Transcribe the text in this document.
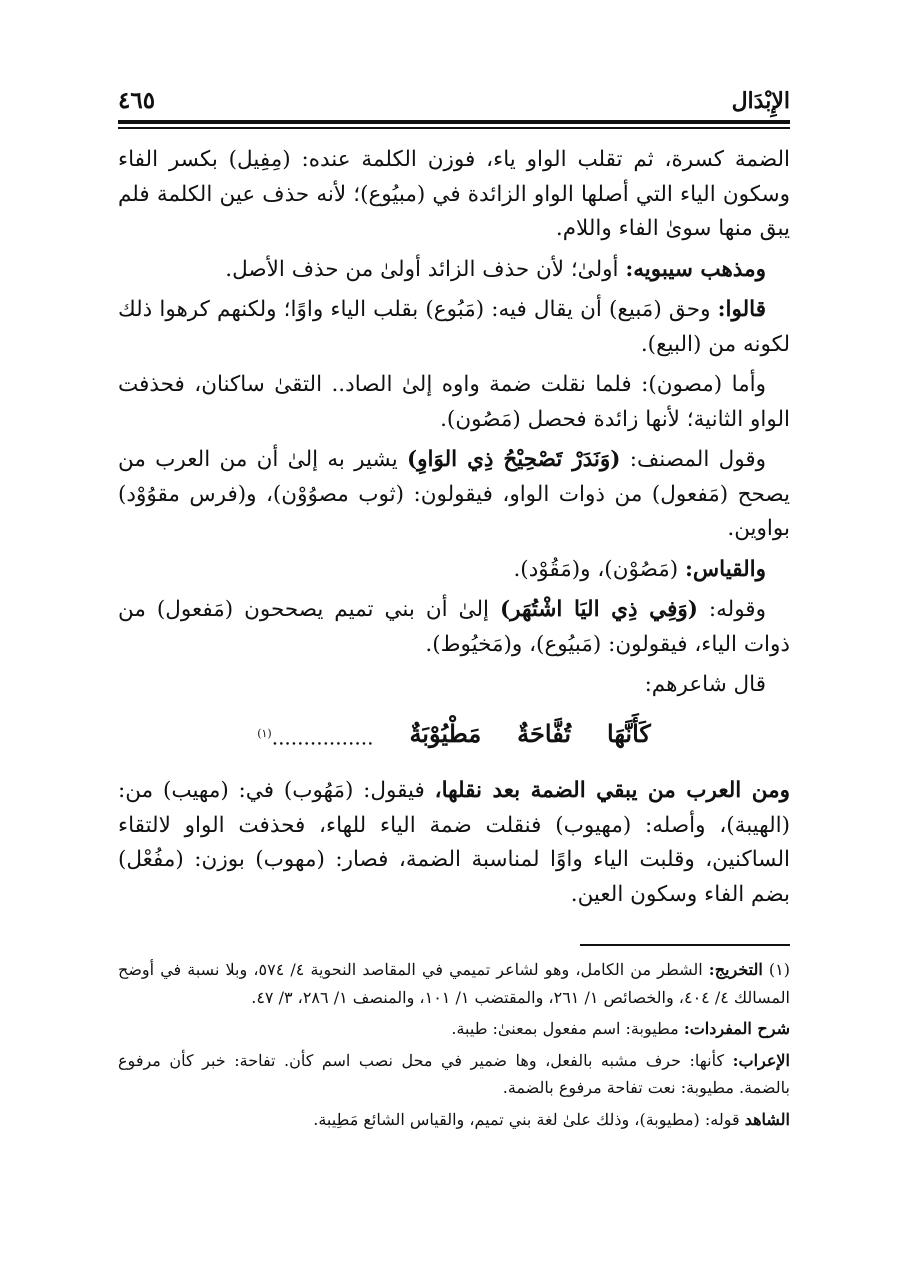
٤٦٥	الإِبْدَال

الضمة كسرة، ثم تقلب الواو ياء، فوزن الكلمة عنده: (مِفِيل) بكسر الفاء وسكون الياء التي أصلها الواو الزائدة في (مبيُوع)؛ لأنه حذف عين الكلمة فلم يبق منها سوىٰ الفاء واللام.

ومذهب سيبويه: أولىٰ؛ لأن حذف الزائد أولىٰ من حذف الأصل.

قالوا: وحق (مَبيع) أن يقال فيه: (مَبُوع) بقلب الياء واوًا؛ ولكنهم كرهوا ذلك لكونه من (البيع).

وأما (مصون): فلما نقلت ضمة واوه إلىٰ الصاد.. التقىٰ ساكنان، فحذفت الواو الثانية؛ لأنها زائدة فحصل (مَصُون).

وقول المصنف: (وَنَدَرْ تَصْحِيْحُ ذِي الوَاوِ) يشير به إلىٰ أن من العرب من يصحح (مَفعول) من ذوات الواو، فيقولون: (ثوب مصوُوْن)، و(فرس مقوُوْد) بواوين.

والقياس: (مَصُوْن)، و(مَقُوْد).

وقوله: (وَفِي ذِي اليَا اشْتُهَر) إلىٰ أن بني تميم يصححون (مَفعول) من ذوات الياء، فيقولون: (مَبيُوع)، و(مَخيُوط).

قال شاعرهم:

كَأَنَّهَا
تُفَّاحَةٌ
مَطْيُوْبَةٌ
................$^{(١)}$

ومن العرب من يبقي الضمة بعد نقلها، فيقول: (مَهُوب) في: (مهيب) من: (الهيبة)، وأصله: (مهيوب) فنقلت ضمة الياء للهاء، فحذفت الواو لالتقاء الساكنين، وقلبت الياء واوًا لمناسبة الضمة، فصار: (مهوب) بوزن: (مفُعْل) بضم الفاء وسكون العين.

(١) التخريج: الشطر من الكامل، وهو لشاعر تميمي في المقاصد النحوية ٤/ ٥٧٤، وبلا نسبة في أوضح المسالك ٤/ ٤٠٤، والخصائص ١/ ٢٦١، والمقتضب ١/ ١٠١، والمنصف ١/ ٢٨٦، ٣/ ٤٧.

شرح المفردات: مطيوبة: اسم مفعول بمعنىٰ: طيبة.

الإعراب: كأنها: حرف مشبه بالفعل، وها ضمير في محل نصب اسم كأن. تفاحة: خبر كأن مرفوع بالضمة. مطيوبة: نعت تفاحة مرفوع بالضمة.

الشاهد قوله: (مطيوبة)، وذلك علىٰ لغة بني تميم، والقياس الشائع مَطِيبة.
